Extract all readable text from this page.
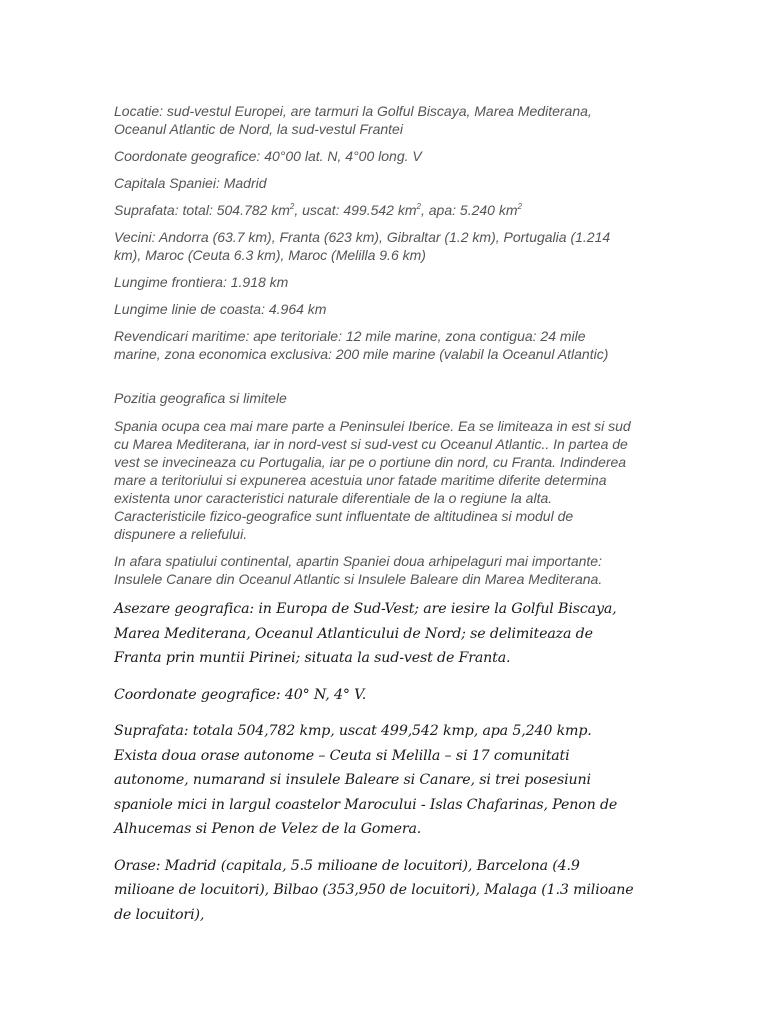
Locatie: sud-vestul Europei, are tarmuri la Golful Biscaya, Marea Mediterana, Oceanul Atlantic de Nord, la sud-vestul Frantei

Coordonate geografice: 40°00 lat. N, 4°00 long. V

Capitala Spaniei: Madrid

Suprafata: total: 504.782 $km^2$, uscat: 499.542 $km^2$, apa: 5.240 $km^2$

Vecini: Andorra (63.7 km), Franta (623 km), Gibraltar (1.2 km), Portugalia (1.214 km), Maroc (Ceuta 6.3 km), Maroc (Melilla 9.6 km)

Lungime frontiera: 1.918 km

Lungime linie de coasta: 4.964 km

Revendicari maritime: ape teritoriale: 12 mile marine, zona contigua: 24 mile marine, zona economica exclusiva: 200 mile marine (valabil la Oceanul Atlantic)

Pozitia geografica si limitele

Spania ocupa cea mai mare parte a Peninsulei Iberice. Ea se limiteaza in est si sud cu Marea Mediterana, iar in nord-vest si sud-vest cu Oceanul Atlantic.. In partea de vest se invecineaza cu Portugalia, iar pe o portiune din nord, cu Franta. Indinderea mare a teritoriului si expunerea acestuia unor fatade maritime diferite determina existenta unor caracteristici naturale diferentiale de la o regiune la alta. Caracteristicile fizico-geografice sunt influentate de altitudinea si modul de dispunere a reliefului.

In afara spatiului continental, apartin Spaniei doua arhipelaguri mai importante: Insulele Canare din Oceanul Atlantic si Insulele Baleare din Marea Mediterana.

Asezare geografica: in Europa de Sud-Vest; are iesire la Golful Biscaya, Marea Mediterana, Oceanul Atlanticului de Nord; se delimiteaza de Franta prin muntii Pirinei; situata la sud-vest de Franta.

Coordonate geografice: 40° N, 4° V.

Suprafata: totala 504,782 kmp, uscat 499,542 kmp, apa 5,240 kmp.

Exista doua orase autonome – Ceuta si Melilla – si 17 comunitati autonome, numarand si insulele Baleare si Canare, si trei posesiuni spaniole mici in largul coastelor Marocului - Islas Chafarinas, Penon de Alhucemas si Penon de Velez de la Gomera.

Orase: Madrid (capitala, 5.5 milioane de locuitori), Barcelona (4.9 milioane de locuitori), Bilbao (353,950 de locuitori), Malaga (1.3 milioane de locuitori),
